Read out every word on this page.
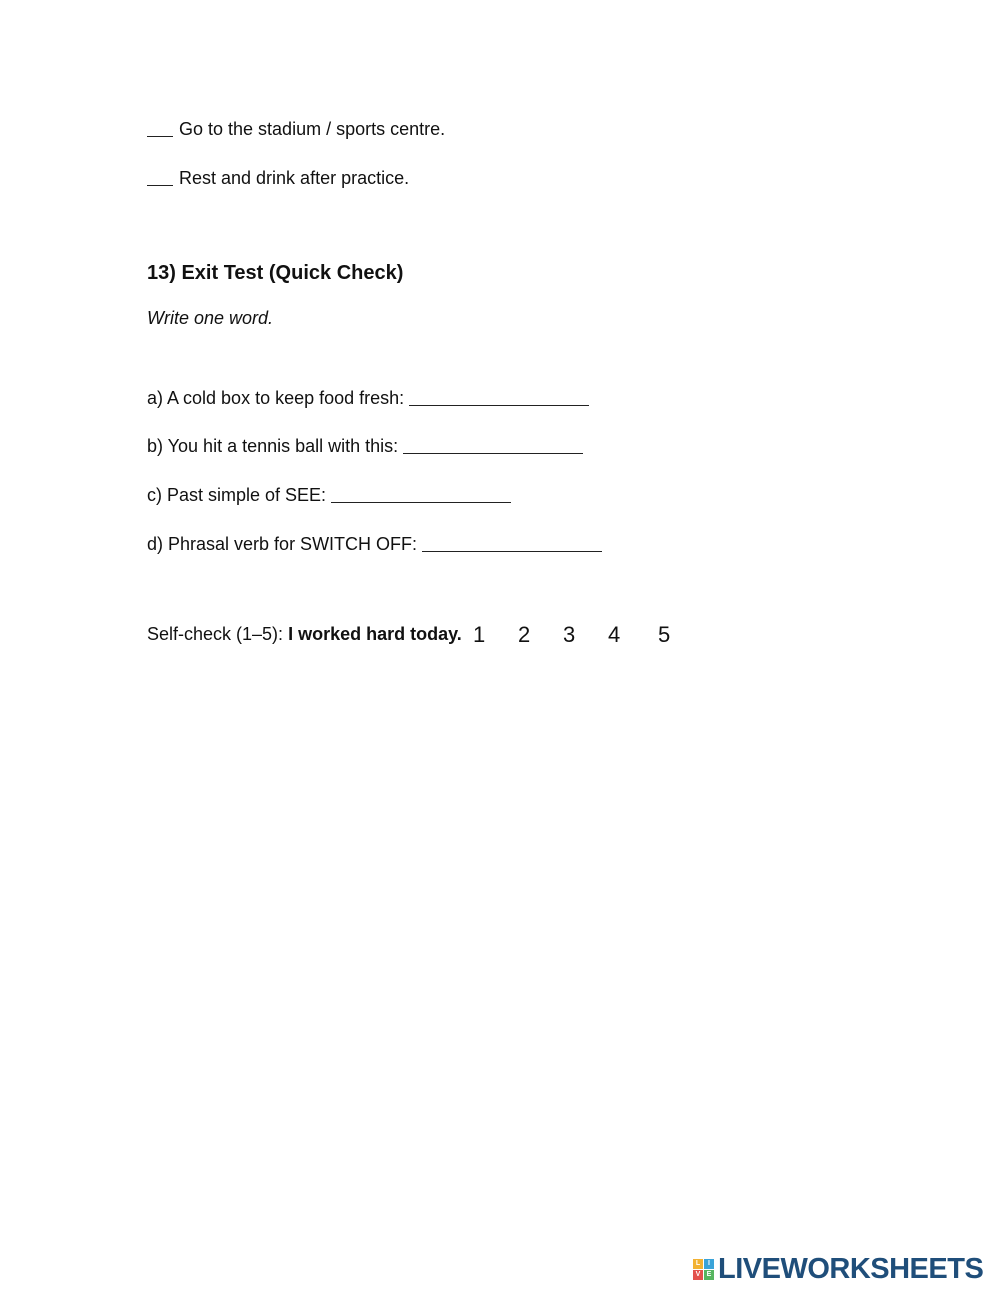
Go to the stadium / sports centre.
Rest and drink after practice.
13) Exit Test (Quick Check)
Write one word.
a) A cold box to keep food fresh:
b) You hit a tennis ball with this:
c) Past simple of SEE:
d) Phrasal verb for SWITCH OFF:
Self-check (1–5): I worked hard today. 1 2 3 4 5
L	I
V E LIVEWORKSHEETS
